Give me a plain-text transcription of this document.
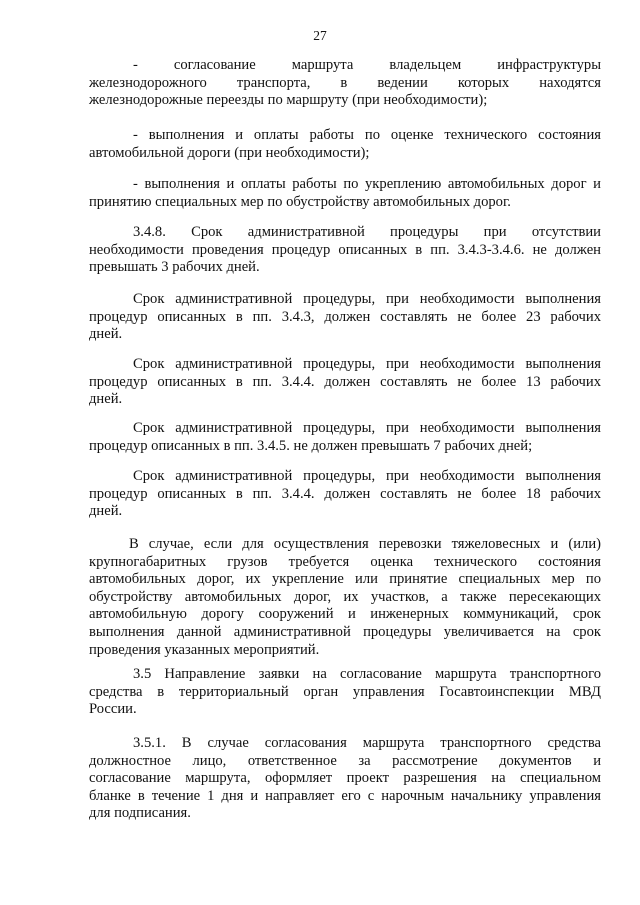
27
- согласование маршрута владельцем инфраструктуры
железнодорожного транспорта, в ведении которых находятся
железнодорожные переезды по маршруту (при необходимости);
- выполнения и оплаты работы по оценке технического состояния
автомобильной дороги (при необходимости);
- выполнения и оплаты работы по укреплению автомобильных дорог и
принятию специальных мер по обустройству автомобильных дорог.
3.4.8. Срок административной процедуры при отсутствии
необходимости проведения процедур описанных в пп. 3.4.3-3.4.6. не должен
превышать 3 рабочих дней.
Срок административной процедуры, при необходимости выполнения
процедур описанных в пп. 3.4.3, должен составлять не более 23 рабочих
дней.
Срок административной процедуры, при необходимости выполнения
процедур описанных в пп. 3.4.4. должен составлять не более 13 рабочих
дней.
Срок административной процедуры, при необходимости выполнения
процедур описанных в пп. 3.4.5. не должен превышать 7 рабочих дней;
Срок административной процедуры, при необходимости выполнения
процедур описанных в пп. 3.4.4. должен составлять не более 18 рабочих
дней.
В случае, если для осуществления перевозки тяжеловесных и (или)
крупногабаритных грузов требуется оценка технического состояния
автомобильных дорог, их укрепление или принятие специальных мер по
обустройству автомобильных дорог, их участков, а также пересекающих
автомобильную дорогу сооружений и инженерных коммуникаций, срок
выполнения данной административной процедуры увеличивается на срок
проведения указанных мероприятий.
3.5 Направление заявки на согласование маршрута транспортного
средства в территориальный орган управления Госавтоинспекции МВД
России.
3.5.1. В случае согласования маршрута транспортного средства
должностное лицо, ответственное за рассмотрение документов и
согласование маршрута, оформляет проект разрешения на специальном
бланке в течение 1 дня и направляет его с нарочным начальнику управления
для подписания.
